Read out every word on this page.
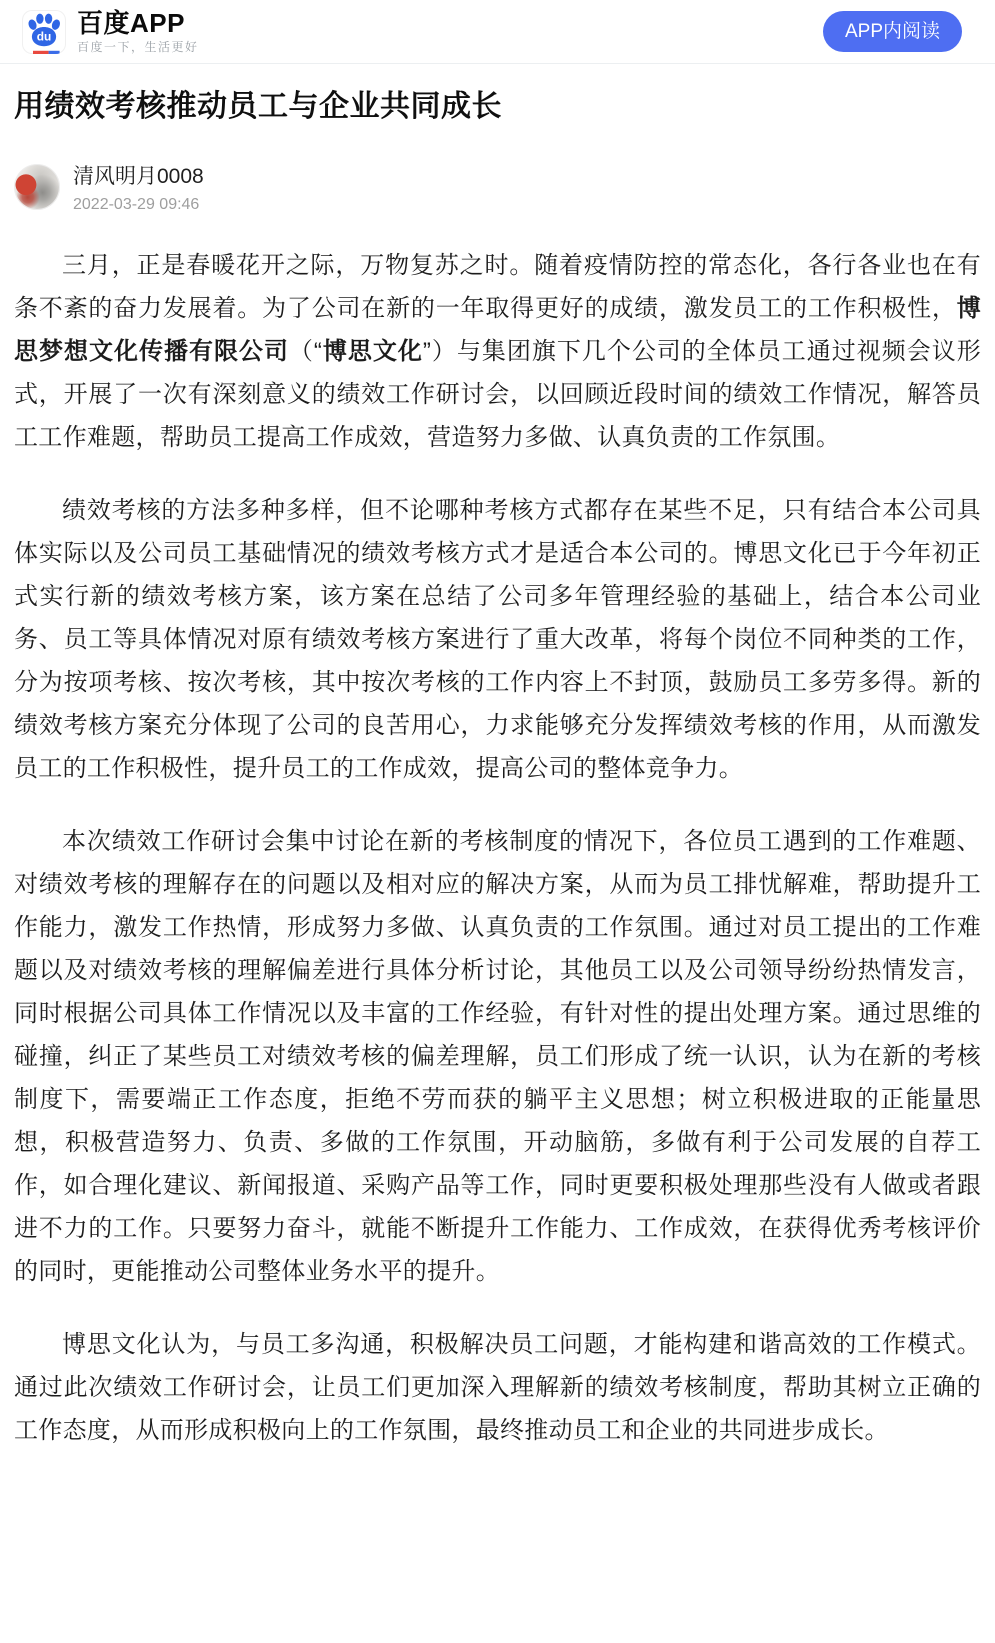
du 百度APP
百度一下，生活更好
APP内阅读
用绩效考核推动员工与企业共同成长
清风明月0008
2022-03-29 09:46

三月，正是春暖花开之际，万物复苏之时。随着疫情防控的常态化，各行各业也在有条不紊的奋力发展着。为了公司在新的一年取得更好的成绩，激发员工的工作积极性，博思梦想文化传播有限公司（“博思文化”）与集团旗下几个公司的全体员工通过视频会议形式，开展了一次有深刻意义的绩效工作研讨会，以回顾近段时间的绩效工作情况，解答员工工作难题，帮助员工提高工作成效，营造努力多做、认真负责的工作氛围。

绩效考核的方法多种多样，但不论哪种考核方式都存在某些不足，只有结合本公司具体实际以及公司员工基础情况的绩效考核方式才是适合本公司的。博思文化已于今年初正式实行新的绩效考核方案，该方案在总结了公司多年管理经验的基础上，结合本公司业务、员工等具体情况对原有绩效考核方案进行了重大改革，将每个岗位不同种类的工作，分为按项考核、按次考核，其中按次考核的工作内容上不封顶，鼓励员工多劳多得。新的绩效考核方案充分体现了公司的良苦用心，力求能够充分发挥绩效考核的作用，从而激发员工的工作积极性，提升员工的工作成效，提高公司的整体竞争力。

本次绩效工作研讨会集中讨论在新的考核制度的情况下，各位员工遇到的工作难题、对绩效考核的理解存在的问题以及相对应的解决方案，从而为员工排忧解难，帮助提升工作能力，激发工作热情，形成努力多做、认真负责的工作氛围。通过对员工提出的工作难题以及对绩效考核的理解偏差进行具体分析讨论，其他员工以及公司领导纷纷热情发言，同时根据公司具体工作情况以及丰富的工作经验，有针对性的提出处理方案。通过思维的碰撞，纠正了某些员工对绩效考核的偏差理解，员工们形成了统一认识，认为在新的考核制度下，需要端正工作态度，拒绝不劳而获的躺平主义思想；树立积极进取的正能量思想，积极营造努力、负责、多做的工作氛围，开动脑筋，多做有利于公司发展的自荐工作，如合理化建议、新闻报道、采购产品等工作，同时更要积极处理那些没有人做或者跟进不力的工作。只要努力奋斗，就能不断提升工作能力、工作成效，在获得优秀考核评价的同时，更能推动公司整体业务水平的提升。

博思文化认为，与员工多沟通，积极解决员工问题，才能构建和谐高效的工作模式。通过此次绩效工作研讨会，让员工们更加深入理解新的绩效考核制度，帮助其树立正确的工作态度，从而形成积极向上的工作氛围，最终推动员工和企业的共同进步成长。
